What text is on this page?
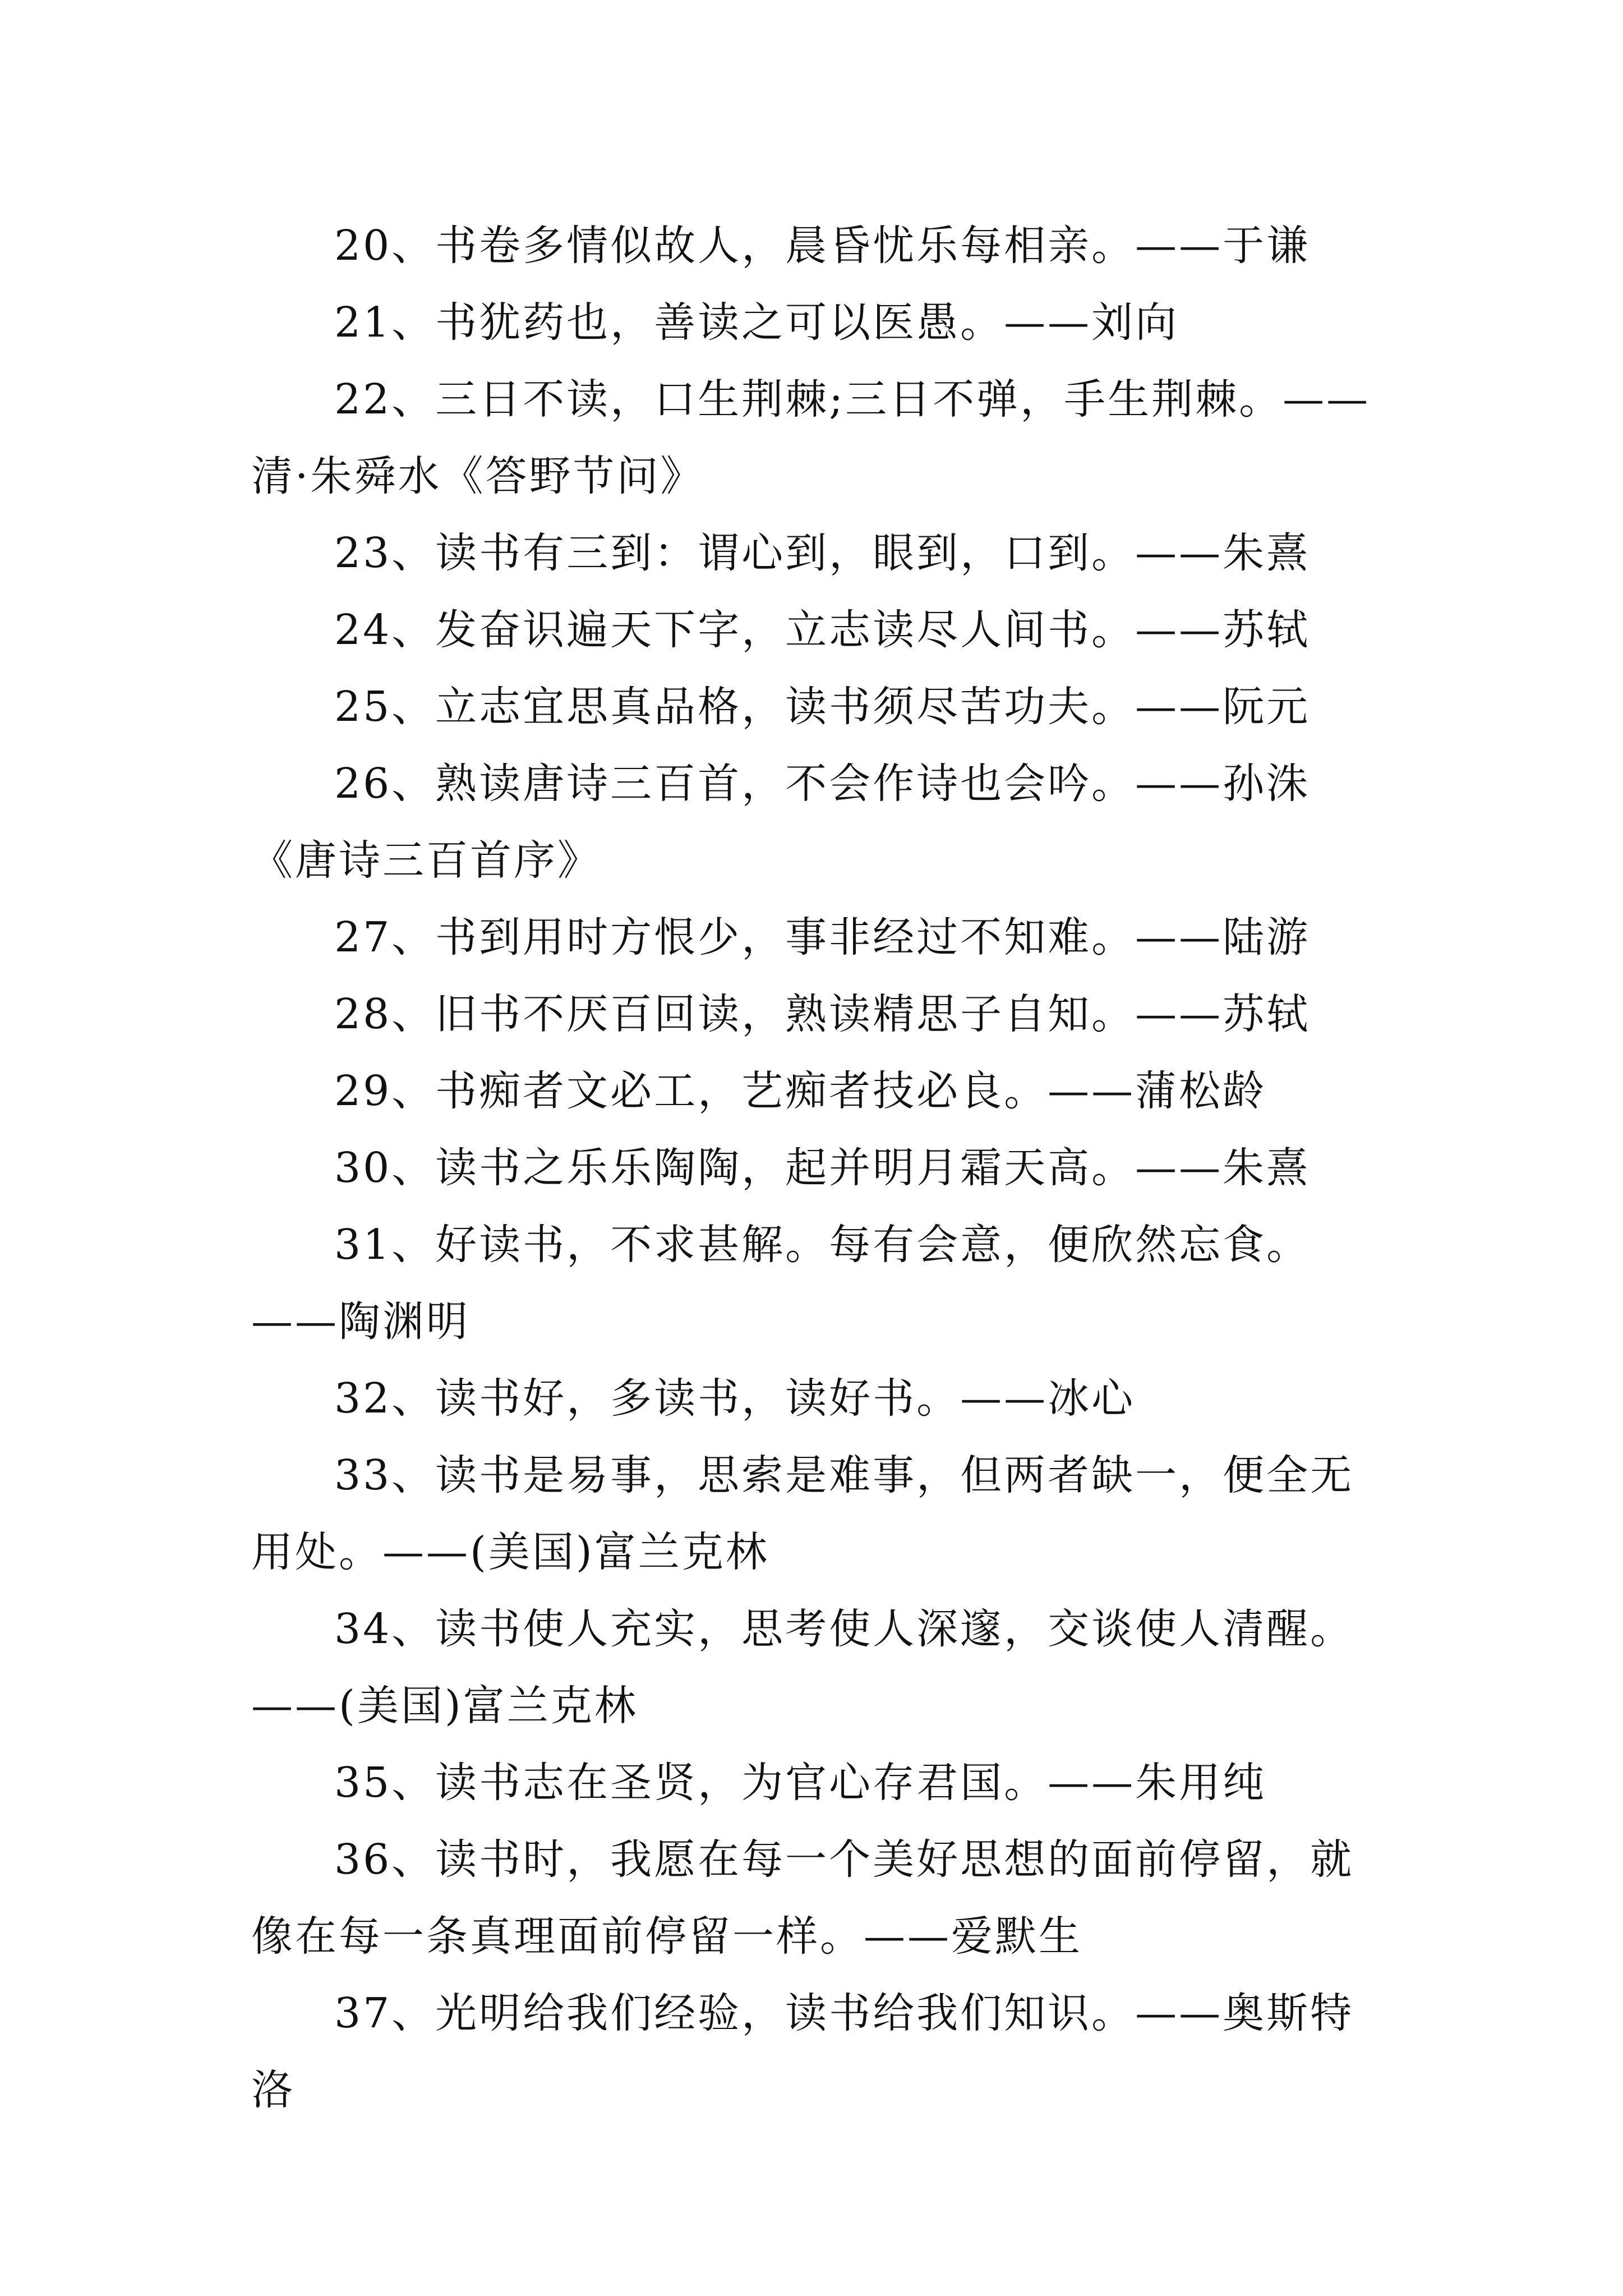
20、书卷多情似故人，晨昏忧乐每相亲。——于谦

21、书犹药也，善读之可以医愚。——刘向

22、三日不读，口生荆棘;三日不弹，手生荆棘。——清·朱舜水《答野节问》

23、读书有三到：谓心到，眼到，口到。——朱熹

24、发奋识遍天下字，立志读尽人间书。——苏轼

25、立志宜思真品格，读书须尽苦功夫。——阮元

26、熟读唐诗三百首，不会作诗也会吟。——孙洙《唐诗三百首序》

27、书到用时方恨少，事非经过不知难。——陆游

28、旧书不厌百回读，熟读精思子自知。——苏轼

29、书痴者文必工，艺痴者技必良。——蒲松龄

30、读书之乐乐陶陶，起并明月霜天高。——朱熹

31、好读书，不求甚解。每有会意，便欣然忘食。——陶渊明

32、读书好，多读书，读好书。——冰心

33、读书是易事，思索是难事，但两者缺一，便全无用处。——(美国)富兰克林

34、读书使人充实，思考使人深邃，交谈使人清醒。——(美国)富兰克林

35、读书志在圣贤，为官心存君国。——朱用纯

36、读书时，我愿在每一个美好思想的面前停留，就像在每一条真理面前停留一样。——爱默生

37、光明给我们经验，读书给我们知识。——奥斯特洛
